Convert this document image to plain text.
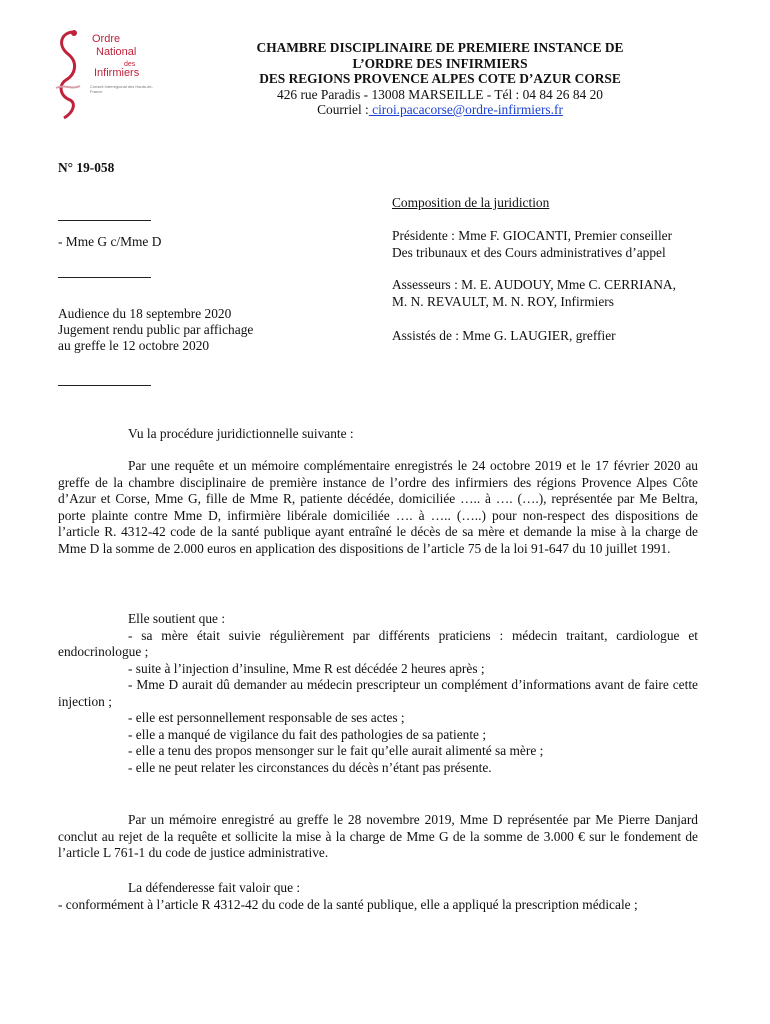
Ordre
National
des
Infirmiers
Conseil Interrégional des Hauts-de-France
CHAMBRE DISCIPLINAIRE DE PREMIERE INSTANCE DE
L’ORDRE DES INFIRMIERS
DES REGIONS PROVENCE ALPES COTE D’AZUR CORSE
426 rue Paradis - 13008 MARSEILLE - Tél : 04 84 26 84 20
Courriel : ciroi.pacacorse@ordre-infirmiers.fr
N° 19-058
- Mme G c/Mme D
Audience du 18 septembre 2020
Jugement rendu public par affichage
au greffe le 12 octobre 2020
Composition de la juridiction
Présidente : Mme F. GIOCANTI, Premier conseiller
Des tribunaux et des Cours administratives d’appel
Assesseurs : M. E. AUDOUY, Mme C. CERRIANA,
M. N. REVAULT, M. N. ROY, Infirmiers
Assistés de : Mme G. LAUGIER, greffier

Vu la procédure juridictionnelle suivante :

Par une requête et un mémoire complémentaire enregistrés le 24 octobre 2019 et le 17 février 2020 au greffe de la chambre disciplinaire de première instance de l’ordre des infirmiers des régions Provence Alpes Côte d’Azur et Corse, Mme G, fille de Mme R, patiente décédée, domiciliée ….. à …. (….), représentée par Me Beltra, porte plainte contre Mme D, infirmière libérale domiciliée …. à ….. (…..) pour non-respect des dispositions de l’article R. 4312-42 code de la santé publique ayant entraîné le décès de sa mère et demande la mise à la charge de Mme D la somme de 2.000 euros en application des dispositions de l’article 75 de la loi 91-647 du 10 juillet 1991.

Elle soutient que :

- sa mère était suivie régulièrement par différents praticiens : médecin traitant, cardiologue et endocrinologue ;

- suite à l’injection d’insuline, Mme R est décédée 2 heures après ;

- Mme D aurait dû demander au médecin prescripteur un complément d’informations avant de faire cette injection ;

- elle est personnellement responsable de ses actes ;

- elle a manqué de vigilance du fait des pathologies de sa patiente ;

- elle a tenu des propos mensonger sur le fait qu’elle aurait alimenté sa mère ;

- elle ne peut relater les circonstances du décès n’étant pas présente.

Par un mémoire enregistré au greffe le 28 novembre 2019, Mme D représentée par Me Pierre Danjard conclut au rejet de la requête et sollicite la mise à la charge de Mme G de la somme de 3.000 € sur le fondement de l’article L 761-1 du code de justice administrative.

La défenderesse fait valoir que :

- conformément à l’article R 4312-42 du code de la santé publique, elle a appliqué la prescription médicale ;
